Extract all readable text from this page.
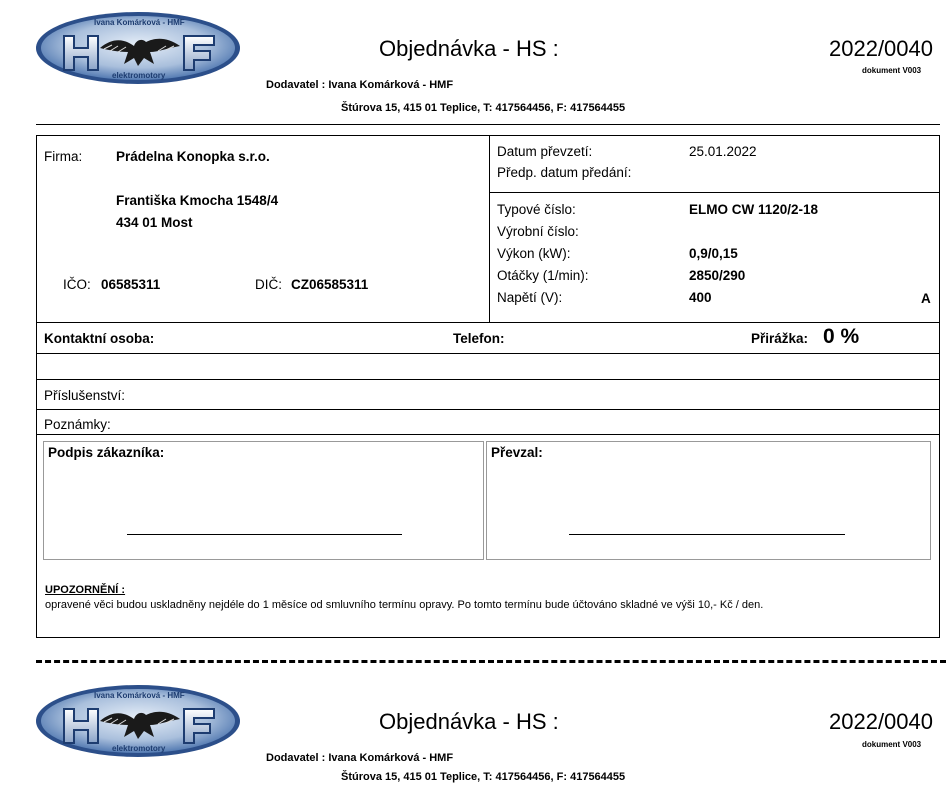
Ivana Komárková - HMF
elektromotory
Objednávka - HS :	2022/0040
dokument V003
Dodavatel : Ivana Komárková - HMF
Štúrova 15, 415 01 Teplice, T: 417564456, F: 417564455
Firma:	Prádelna Konopka s.r.o.
Františka Kmocha 1548/4
434 01 Most
IČO: 06585311	DIČ: CZ06585311
Datum převzetí:	25.01.2022
Předp. datum předání:
Typové číslo:	ELMO CW 1120/2-18
Výrobní číslo:
Výkon (kW):	0,9/0,15
Otáčky (1/min):	2850/290
Napětí (V):	400	A
Kontaktní osoba:	Telefon:	Přirážka: 0 %
Příslušenství:
Poznámky:
Podpis zákazníka:	Převzal:
UPOZORNĚNÍ :
opravené věci budou uskladněny nejdéle do 1 měsíce od smluvního termínu opravy. Po tomto termínu bude účtováno skladné ve výši 10,- Kč / den.
Ivana Komárková - HMF
elektromotory
Objednávka - HS :	2022/0040
dokument V003
Dodavatel : Ivana Komárková - HMF
Štúrova 15, 415 01 Teplice, T: 417564456, F: 417564455
